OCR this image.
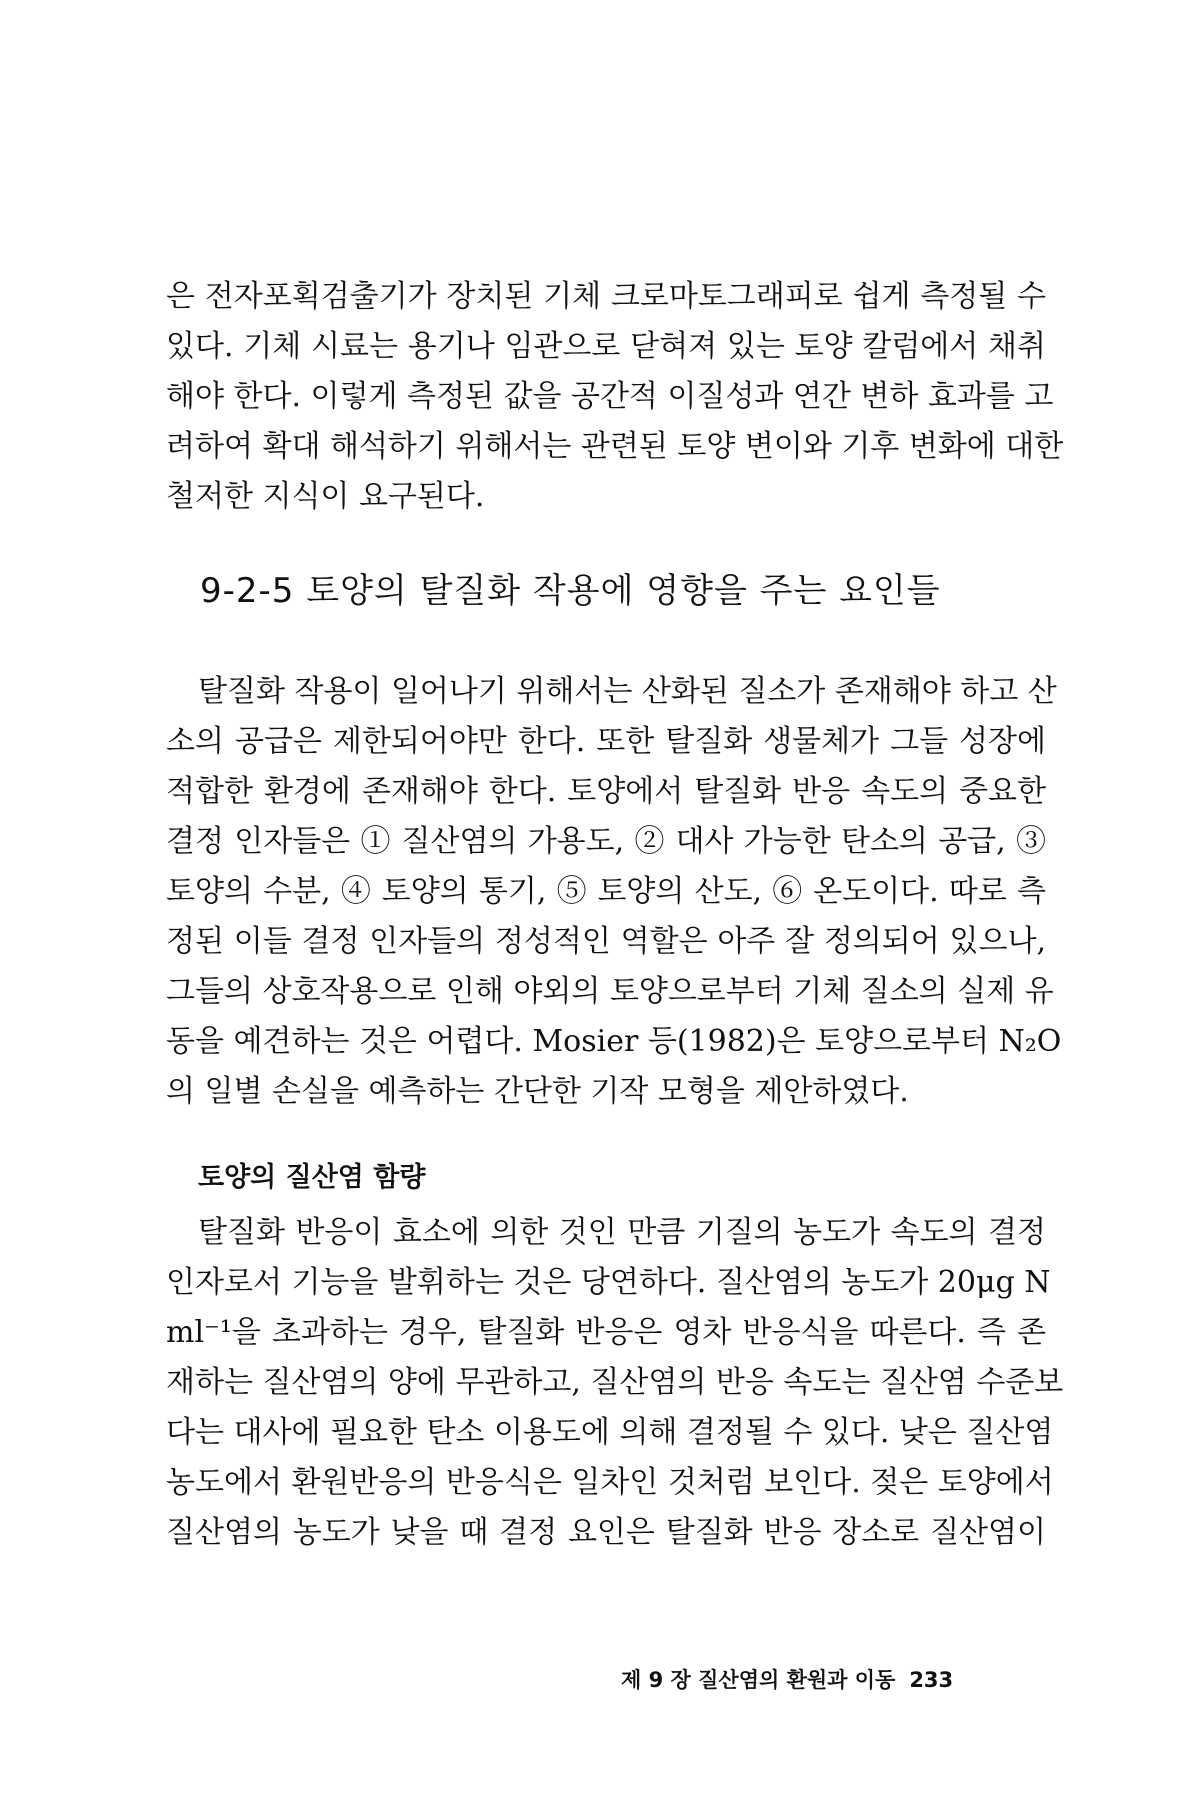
은 전자포획검출기가 장치된 기체 크로마토그래피로 쉽게 측정될 수
있다. 기체 시료는 용기나 임관으로 닫혀져 있는 토양 칼럼에서 채취
해야 한다. 이렇게 측정된 값을 공간적 이질성과 연간 변하 효과를 고
려하여 확대 해석하기 위해서는 관련된 토양 변이와 기후 변화에 대한
철저한 지식이 요구된다.
9-2-5 토양의 탈질화 작용에 영향을 주는 요인들
탈질화 작용이 일어나기 위해서는 산화된 질소가 존재해야 하고 산
소의 공급은 제한되어야만 한다. 또한 탈질화 생물체가 그들 성장에
적합한 환경에 존재해야 한다. 토양에서 탈질화 반응 속도의 중요한
결정 인자들은 ① 질산염의 가용도, ② 대사 가능한 탄소의 공급, ③
토양의 수분, ④ 토양의 통기, ⑤ 토양의 산도, ⑥ 온도이다. 따로 측
정된 이들 결정 인자들의 정성적인 역할은 아주 잘 정의되어 있으나,
그들의 상호작용으로 인해 야외의 토양으로부터 기체 질소의 실제 유
동을 예견하는 것은 어렵다. Mosier 등(1982)은 토양으로부터 N₂O
의 일별 손실을 예측하는 간단한 기작 모형을 제안하였다.
토양의 질산염 함량
탈질화 반응이 효소에 의한 것인 만큼 기질의 농도가 속도의 결정
인자로서 기능을 발휘하는 것은 당연하다. 질산염의 농도가 20μg N
ml⁻¹을 초과하는 경우, 탈질화 반응은 영차 반응식을 따른다. 즉 존
재하는 질산염의 양에 무관하고, 질산염의 반응 속도는 질산염 수준보
다는 대사에 필요한 탄소 이용도에 의해 결정될 수 있다. 낮은 질산염
농도에서 환원반응의 반응식은 일차인 것처럼 보인다. 젖은 토양에서
질산염의 농도가 낮을 때 결정 요인은 탈질화 반응 장소로 질산염이
제 9 장 질산염의 환원과 이동 233
